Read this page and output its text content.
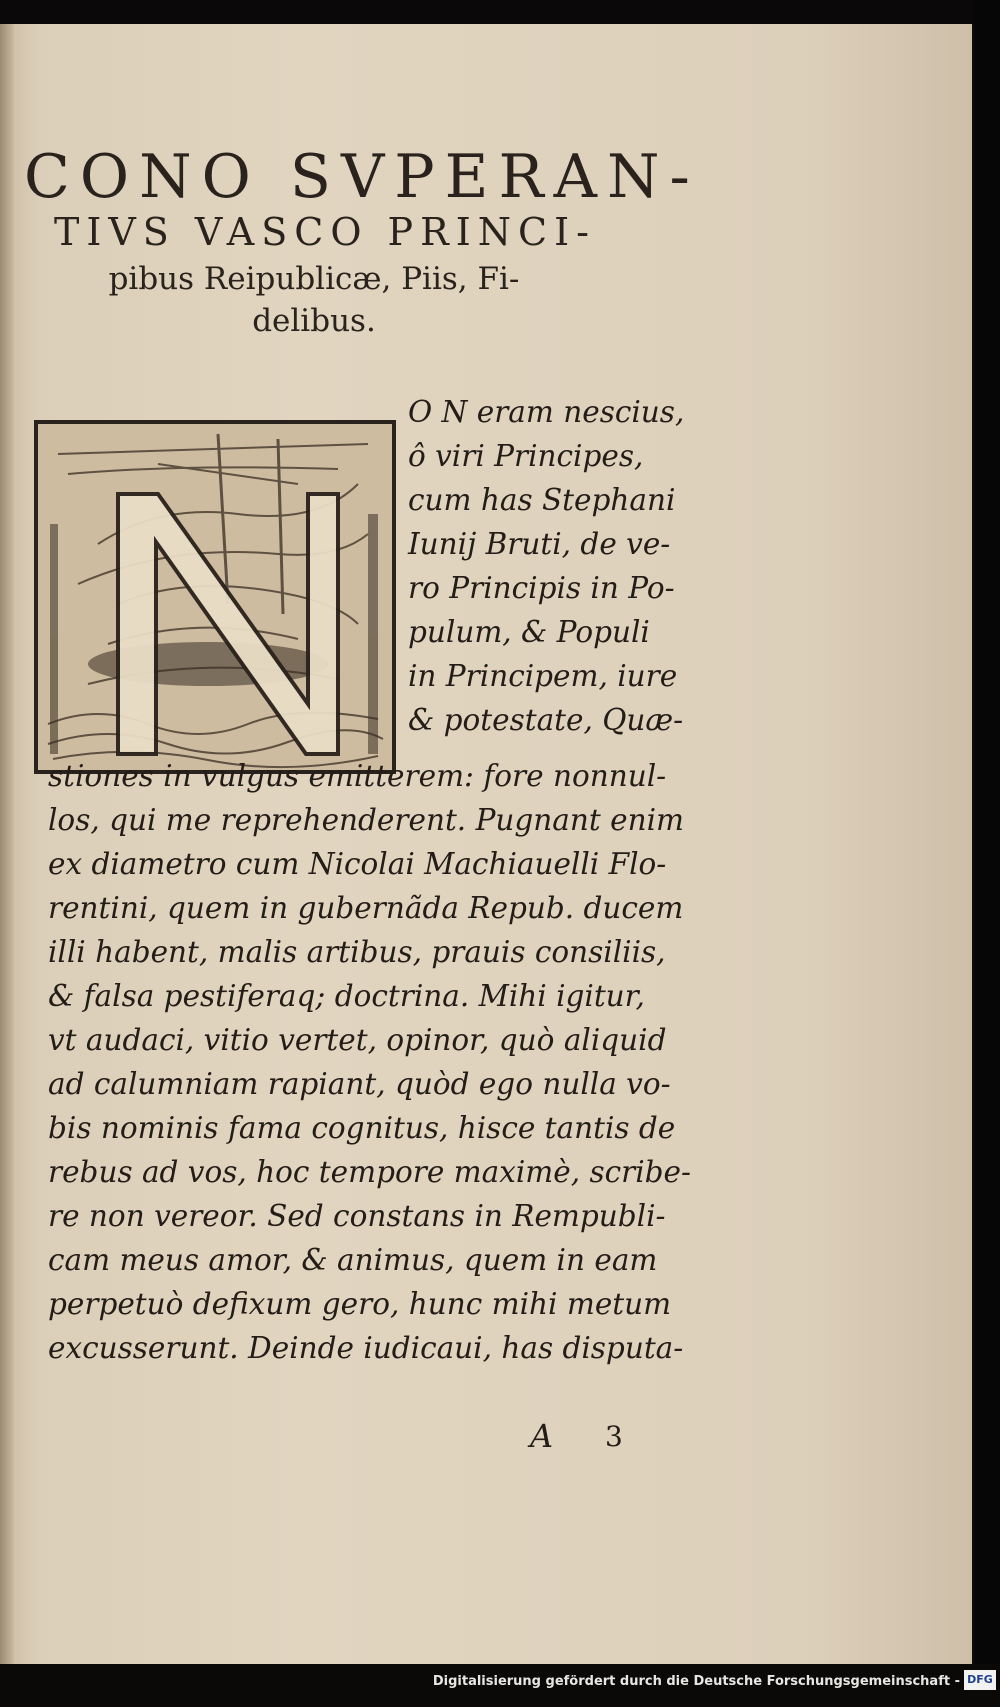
CONO SVPERAN-
TIVS VASCO PRINCI-
pibus Reipublicæ, Piis, Fi-
delibus.
O N eram nescius,
ô viri Principes,
cum has Stephani
Iunij Bruti, de ve-
ro Principis in Po-
pulum, & Populi
in Principem, iure
& potestate, Quæ-
stiones in vulgus emitterem: fore nonnul-
los, qui me reprehenderent. Pugnant enim
ex diametro cum Nicolai Machiauelli Flo-
rentini, quem in gubernãda Repub. ducem
illi habent, malis artibus, prauis consiliis,
& falsa pestiferaq; doctrina. Mihi igitur,
vt audaci, vitio vertet, opinor, quò aliquid
ad calumniam rapiant, quòd ego nulla vo-
bis nominis fama cognitus, hisce tantis de
rebus ad vos, hoc tempore maximè, scribe-
re non vereor. Sed constans in Rempubli-
cam meus amor, & animus, quem in eam
perpetuò defixum gero, hunc mihi metum
excusserunt. Deinde iudicaui, has disputa-
A 3
Digitalisierung gefördert durch die Deutsche Forschungsgemeinschaft - DFG
